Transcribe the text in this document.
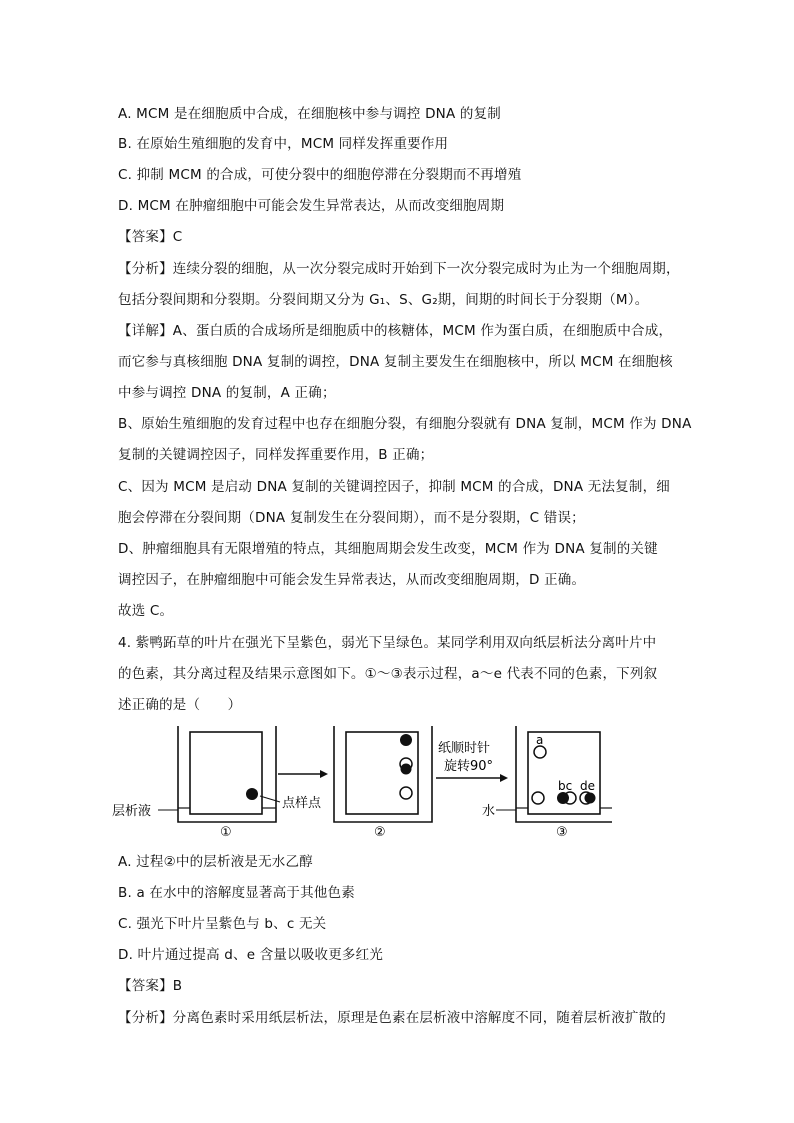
A. MCM 是在细胞质中合成，在细胞核中参与调控 DNA 的复制
B. 在原始生殖细胞的发育中，MCM 同样发挥重要作用
C. 抑制 MCM 的合成，可使分裂中的细胞停滞在分裂期而不再增殖
D. MCM 在肿瘤细胞中可能会发生异常表达，从而改变细胞周期
【答案】C
【分析】连续分裂的细胞，从一次分裂完成时开始到下一次分裂完成时为止为一个细胞周期，
包括分裂间期和分裂期。分裂间期又分为 G₁、S、G₂期，间期的时间长于分裂期（M）。
【详解】A、蛋白质的合成场所是细胞质中的核糖体，MCM 作为蛋白质，在细胞质中合成，
而它参与真核细胞 DNA 复制的调控，DNA 复制主要发生在细胞核中，所以 MCM 在细胞核
中参与调控 DNA 的复制，A 正确；
B、原始生殖细胞的发育过程中也存在细胞分裂，有细胞分裂就有 DNA 复制，MCM 作为 DNA
复制的关键调控因子，同样发挥重要作用，B 正确；
C、因为 MCM 是启动 DNA 复制的关键调控因子，抑制 MCM 的合成，DNA 无法复制，细
胞会停滞在分裂间期（DNA 复制发生在分裂间期），而不是分裂期，C 错误；
D、肿瘤细胞具有无限增殖的特点，其细胞周期会发生改变，MCM 作为 DNA 复制的关键
调控因子，在肿瘤细胞中可能会发生异常表达，从而改变细胞周期，D 正确。
故选 C。
4. 紫鸭跖草的叶片在强光下呈紫色，弱光下呈绿色。某同学利用双向纸层析法分离叶片中
的色素，其分离过程及结果示意图如下。①～③表示过程，a～e 代表不同的色素，下列叙
述正确的是（　　）
层析液
点样点
①	②
纸顺时针
旋转90°
a
bc de
水
③
A. 过程②中的层析液是无水乙醇
B. a 在水中的溶解度显著高于其他色素
C. 强光下叶片呈紫色与 b、c 无关
D. 叶片通过提高 d、e 含量以吸收更多红光
【答案】B
【分析】分离色素时采用纸层析法，原理是色素在层析液中溶解度不同，随着层析液扩散的
